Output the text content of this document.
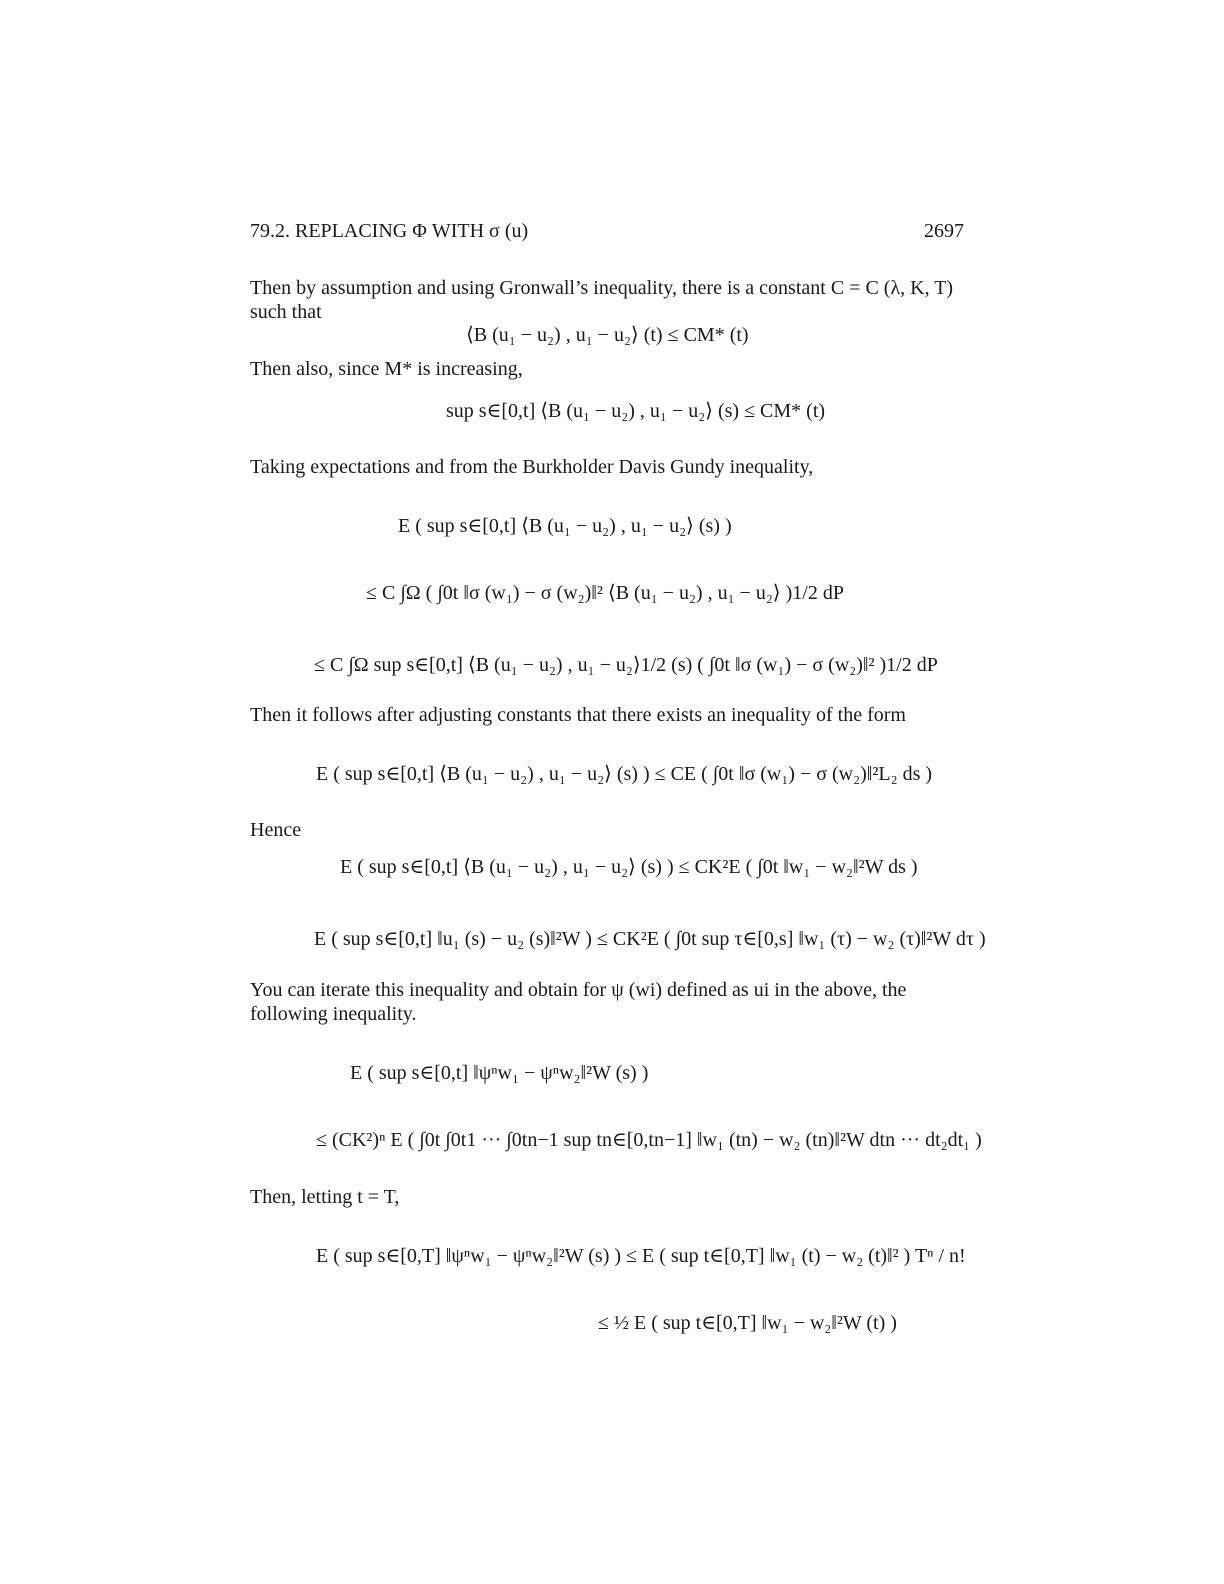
79.2. REPLACING Φ WITH σ (u)	2697
Then by assumption and using Gronwall’s inequality, there is a constant C = C (λ, K, T) such that
⟨B (u₁ − u₂) , u₁ − u₂⟩ (t) ≤ CM* (t)
Then also, since M* is increasing,
sup s∈[0,t] ⟨B (u₁ − u₂) , u₁ − u₂⟩ (s) ≤ CM* (t)
Taking expectations and from the Burkholder Davis Gundy inequality,
E ( sup s∈[0,t] ⟨B (u₁ − u₂) , u₁ − u₂⟩ (s) )
≤ C ∫Ω ( ∫0t ‖σ (w₁) − σ (w₂)‖² ⟨B (u₁ − u₂) , u₁ − u₂⟩ )1/2 dP
≤ C ∫Ω sup s∈[0,t] ⟨B (u₁ − u₂) , u₁ − u₂⟩1/2 (s) ( ∫0t ‖σ (w₁) − σ (w₂)‖² )1/2 dP
Then it follows after adjusting constants that there exists an inequality of the form
E ( sup s∈[0,t] ⟨B (u₁ − u₂) , u₁ − u₂⟩ (s) ) ≤ CE ( ∫0t ‖σ (w₁) − σ (w₂)‖²L₂ ds )
Hence
E ( sup s∈[0,t] ⟨B (u₁ − u₂) , u₁ − u₂⟩ (s) ) ≤ CK²E ( ∫0t ‖w₁ − w₂‖²W ds )
E ( sup s∈[0,t] ‖u₁ (s) − u₂ (s)‖²W ) ≤ CK²E ( ∫0t sup τ∈[0,s] ‖w₁ (τ) − w₂ (τ)‖²W dτ )
You can iterate this inequality and obtain for ψ (wi) defined as ui in the above, the following inequality.
E ( sup s∈[0,t] ‖ψⁿw₁ − ψⁿw₂‖²W (s) )
≤ (CK²)ⁿ E ( ∫0t ∫0t1 ··· ∫0tn−1 sup tn∈[0,tn−1] ‖w₁ (tn) − w₂ (tn)‖²W dtn ··· dt₂dt₁ )
Then, letting t = T,
E ( sup s∈[0,T] ‖ψⁿw₁ − ψⁿw₂‖²W (s) ) ≤ E ( sup t∈[0,T] ‖w₁ (t) − w₂ (t)‖² ) Tⁿ / n!
≤ ½ E ( sup t∈[0,T] ‖w₁ − w₂‖²W (t) )
